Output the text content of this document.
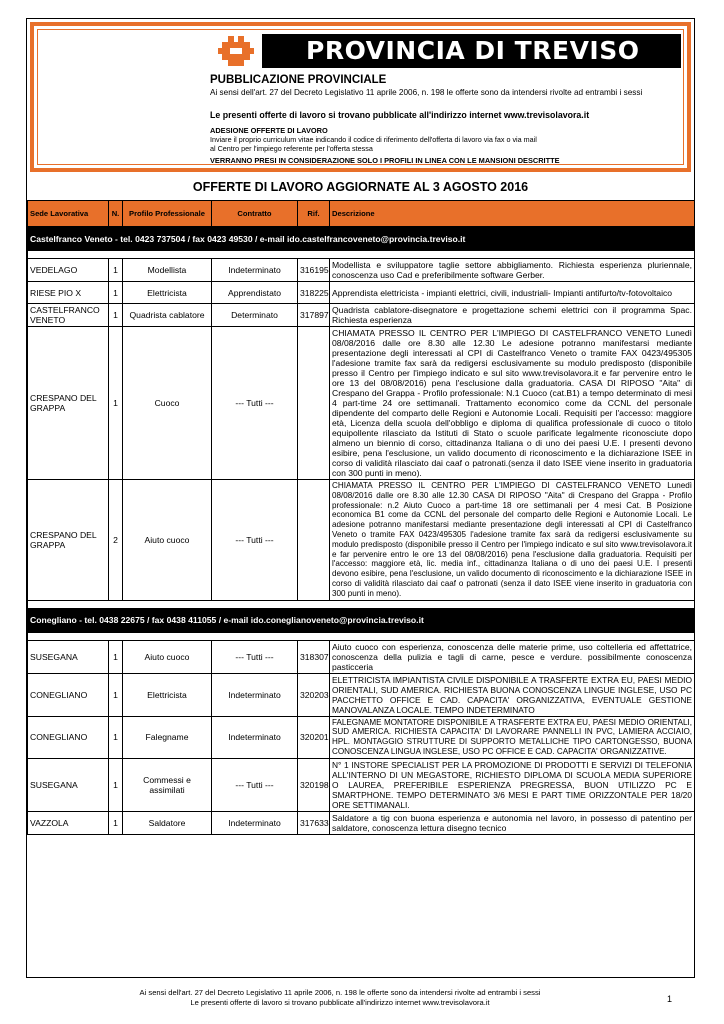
PROVINCIA DI TREVISO
PUBBLICAZIONE PROVINCIALE
Ai sensi dell'art. 27 del Decreto Legislativo 11 aprile 2006, n. 198 le offerte sono da intendersi rivolte ad entrambi i sessi
Le presenti offerte di lavoro si trovano pubblicate all'indirizzo internet www.trevisolavora.it
ADESIONE OFFERTE DI LAVORO
Inviare il proprio curriculum vitae indicando il codice di riferimento dell'offerta di lavoro via fax o via mail al Centro per l'impiego referente per l'offerta stessa
VERRANNO PRESI IN CONSIDERAZIONE SOLO I PROFILI IN LINEA CON LE MANSIONI DESCRITTE
OFFERTE DI LAVORO AGGIORNATE AL 3 AGOSTO 2016
Sede Lavorativa	N.	Profilo Professionale	Contratto	Rif.	Descrizione
Castelfranco Veneto - tel. 0423 737504 / fax 0423 49530 / e-mail ido.castelfrancoveneto@provincia.treviso.it					

VEDELAGO	1	Modellista	Indeterminato	316195	Modellista e sviluppatore taglie settore abbigliamento. Richiesta esperienza pluriennale, conoscenza uso Cad e preferibilmente software Gerber.
RIESE PIO X	1	Elettricista	Apprendistato	318225	Apprendista elettricista - impianti elettrici, civili, industriali- Impianti antifurto/tv-fotovoltaico
CASTELFRANCO VENETO	1	Quadrista cablatore	Determinato	317897	Quadrista cablatore-disegnatore e progettazione schemi elettrici con il programma Spac. Richiesta esperienza
CRESPANO DEL GRAPPA	1	Cuoco	--- Tutti ---		CHIAMATA PRESSO IL CENTRO PER L'IMPIEGO DI CASTELFRANCO VENETO Lunedì 08/08/2016 dalle ore 8.30 alle 12.30 Le adesione potranno manifestarsi mediante presentazione degli interessati al CPI di Castelfranco Veneto o tramite FAX 0423/495305 l'adesione tramite fax sarà da redigersi esclusivamente su modulo predisposto (disponibile presso il Centro per l'impiego indicato e sul sito www.trevisolavora.it e far pervenire entro le ore 13 del 08/08/2016) pena l'esclusione dalla graduatoria. CASA DI RIPOSO "Aita" di Crespano del Grappa - Profilo professionale: N.1 Cuoco (cat.B1) a tempo determinato di mesi 4 part-time 24 ore settimanali. Trattamento economico come da CCNL del personale dipendente del comparto delle Regioni e Autonomie Locali. Requisiti per l'accesso: maggiore età, Licenza della scuola dell'obbligo e diploma di qualifica professionale di cuoco o titolo equipollente rilasciato da Istituti di Stato o scuole parificate legalmente riconosciute dopo almeno un biennio di corso, cittadinanza Italiana o di uno dei paesi U.E. I presenti devono esibire, pena l'esclusione, un valido documento di riconoscimento e la dichiarazione ISEE in corso di validità rilasciato dai caaf o patronati.(senza il dato ISEE viene inserito in graduatoria con 300 punti in meno).
CRESPANO DEL GRAPPA	2	Aiuto cuoco	--- Tutti ---		CHIAMATA PRESSO IL CENTRO PER L'IMPIEGO DI CASTELFRANCO VENETO Lunedì 08/08/2016 dalle ore 8.30 alle 12.30 CASA DI RIPOSO "Aita" di Crespano del Grappa - Profilo professionale: n.2 Aiuto Cuoco a part-time 18 ore settimanali per 4 mesi Cat. B Posizione economica B1 come da CCNL del personale del comparto delle Regioni e Autonomie Locali. Le adesione potranno manifestarsi mediante presentazione degli interessati al CPI di Castelfranco Veneto o tramite FAX 0423/495305 l'adesione tramite fax sarà da redigersi esclusivamente su modulo predisposto (disponibile presso il Centro per l'impiego indicato e sul sito www.trevisolavora.it e far pervenire entro le ore 13 del 08/08/2016) pena l'esclusione dalla graduatoria. Requisiti per l'accesso: maggiore età, lic. media inf., cittadinanza Italiana o di uno dei paesi U.E. I presenti devono esibire, pena l'esclusione, un valido documento di riconoscimento e la dichiarazione ISEE in corso di validità rilasciato dai caaf o patronati (senza il dato ISEE viene inserito in graduatoria con 300 punti in meno).

Conegliano - tel. 0438 22675 / fax 0438 411055 / e-mail ido.coneglianoveneto@provincia.treviso.it					

SUSEGANA	1	Aiuto cuoco	--- Tutti ---	318307	Aiuto cuoco con esperienza, conoscenza delle materie prime, uso coltelleria ed affettatrice, conoscenza della pulizia e tagli di carne, pesce e verdure. possibilmente conoscenza pasticceria
CONEGLIANO	1	Elettricista	Indeterminato	320203	ELETTRICISTA IMPIANTISTA CIVILE DISPONIBILE A TRASFERTE EXTRA EU, PAESI MEDIO ORIENTALI, SUD AMERICA. RICHIESTA BUONA CONOSCENZA LINGUE INGLESE, USO PC PACCHETTO OFFICE E CAD. CAPACITA' ORGANIZZATIVA, EVENTUALE GESTIONE MANOVALANZA LOCALE. TEMPO INDETERMINATO
CONEGLIANO	1	Falegname	Indeterminato	320201	FALEGNAME MONTATORE DISPONIBILE A TRASFERTE EXTRA EU, PAESI MEDIO ORIENTALI, SUD AMERICA. RICHIESTA CAPACITA' DI LAVORARE PANNELLI IN PVC, LAMIERA ACCIAIO, HPL. MONTAGGIO STRUTTURE DI SUPPORTO METALLICHE TIPO CARTONGESSO, BUONA CONOSCENZA LINGUA INGLESE, USO PC OFFICE E CAD. CAPACITA' ORGANIZZATIVE.
SUSEGANA	1	Commessi e assimilati	--- Tutti ---	320198	N° 1 INSTORE SPECIALIST PER LA PROMOZIONE DI PRODOTTI E SERVIZI DI TELEFONIA ALL'INTERNO DI UN MEGASTORE, RICHIESTO DIPLOMA DI SCUOLA MEDIA SUPERIORE O LAUREA, PREFERIBILE ESPERIENZA PREGRESSA, BUON UTILIZZO PC E SMARTPHONE. TEMPO DETERMINATO 3/6 MESI E PART TIME ORIZZONTALE PER 18/20 ORE SETTIMANALI.
VAZZOLA	1	Saldatore	Indeterminato	317633	Saldatore a tig con buona esperienza e autonomia nel lavoro, in possesso di patentino per saldatore, conoscenza lettura disegno tecnico
Ai sensi dell'art. 27 del Decreto Legislativo 11 aprile 2006, n. 198 le offerte sono da intendersi rivolte ad entrambi i sessi
Le presenti offerte di lavoro si trovano pubblicate all'indirizzo internet www.trevisolavora.it	1
